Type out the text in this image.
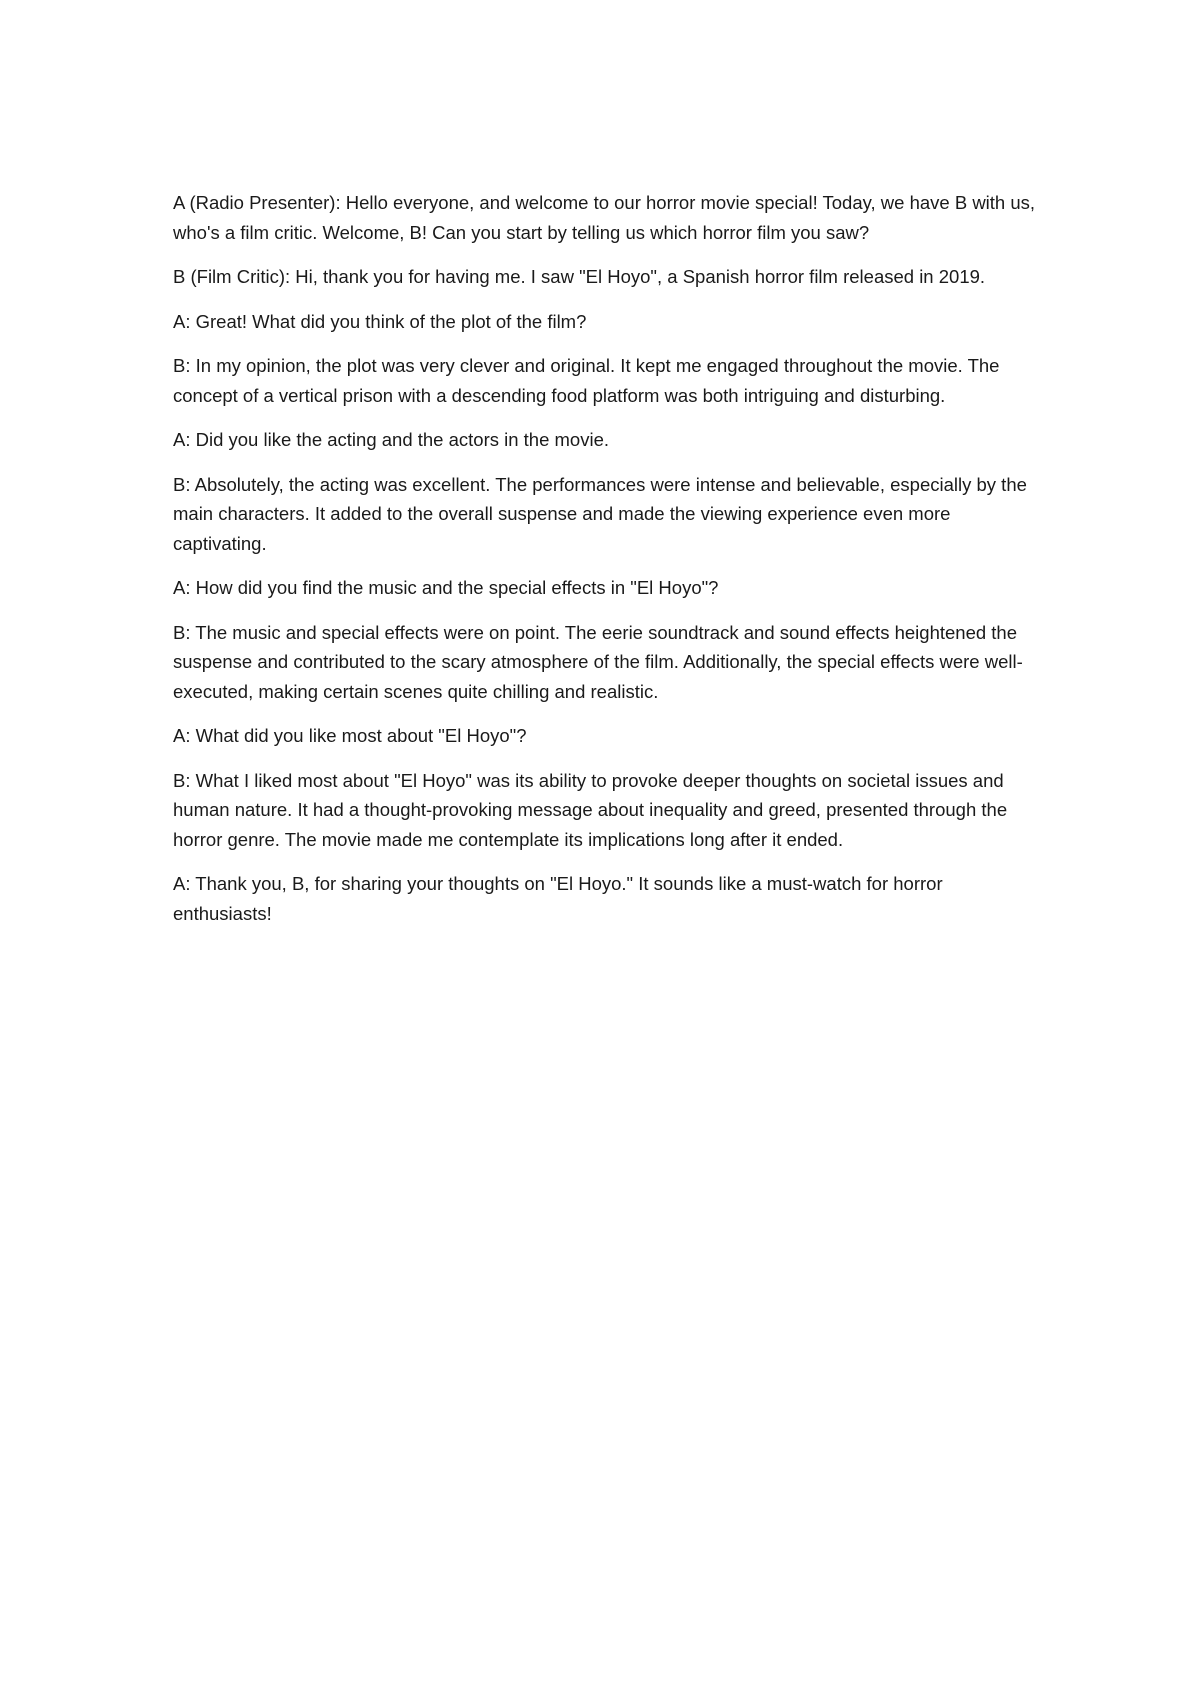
A (Radio Presenter): Hello everyone, and welcome to our horror movie special! Today, we have B with us, who's a film critic. Welcome, B! Can you start by telling us which horror film you saw?

B (Film Critic): Hi, thank you for having me. I saw "El Hoyo", a Spanish horror film released in 2019.

A: Great! What did you think of the plot of the film?

B: In my opinion, the plot was very clever and original. It kept me engaged throughout the movie. The concept of a vertical prison with a descending food platform was both intriguing and disturbing.

A: Did you like the acting and the actors in the movie.

B: Absolutely, the acting was excellent. The performances were intense and believable, especially by the main characters. It added to the overall suspense and made the viewing experience even more captivating.

A: How did you find the music and the special effects in "El Hoyo"?

B: The music and special effects were on point. The eerie soundtrack and sound effects heightened the suspense and contributed to the scary atmosphere of the film. Additionally, the special effects were well-executed, making certain scenes quite chilling and realistic.

A: What did you like most about "El Hoyo"?

B: What I liked most about "El Hoyo" was its ability to provoke deeper thoughts on societal issues and human nature. It had a thought-provoking message about inequality and greed, presented through the horror genre. The movie made me contemplate its implications long after it ended.

A: Thank you, B, for sharing your thoughts on "El Hoyo." It sounds like a must-watch for horror enthusiasts!
